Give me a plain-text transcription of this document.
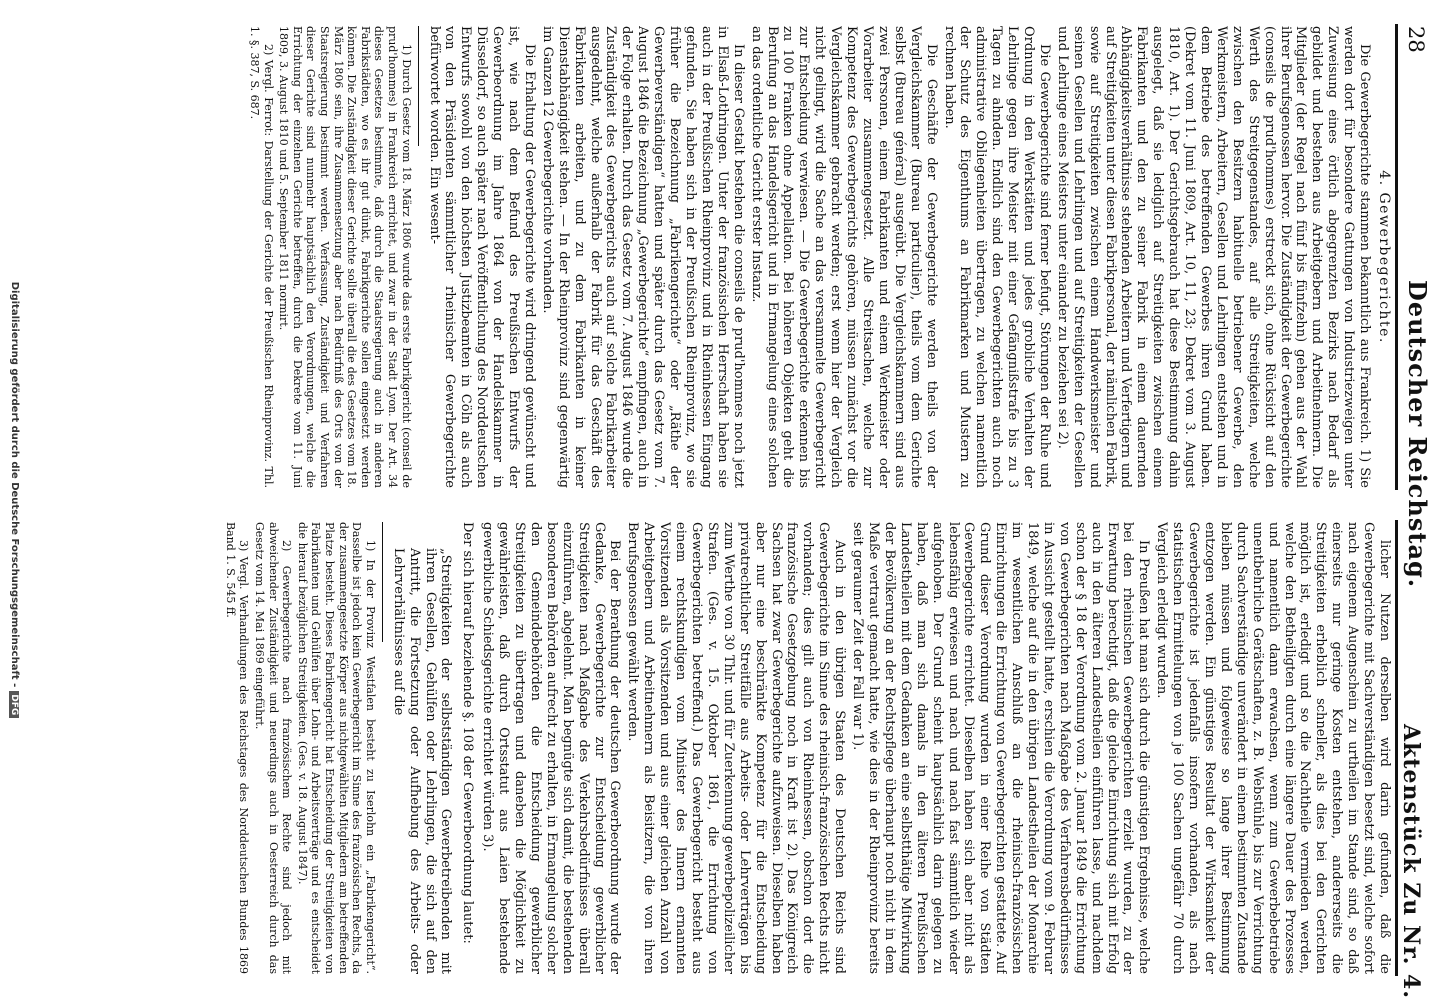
28
Deutscher Reichstag.
Aktenstück Zu Nr. 4.

4. Gewerbegerichte.

Die Gewerbegerichte stammen bekanntlich aus Frankreich. 1) Sie werden dort für besondere Gattungen von Industriezweigen unter Zuweisung eines örtlich abgegrenzten Bezirks nach Bedarf als gebildet und bestehen aus Arbeitgebern und Arbeitnehmern. Die Mitglieder (der Regel nach fünf bis fünfzehn) gehen aus der Wahl ihrer Berufsgenossen hervor. Die Zuständigkeit der Gewerbegerichte (conseils de prud'hommes) erstreckt sich, ohne Rücksicht auf den Werth des Streitgegenstandes, auf alle Streitigkeiten, welche zwischen den Besitzern habituelle betriebener Gewerbe, den Werkmeistern, Arbeitern, Gesellen und Lehrlingen entstehen und in dem Betriebe des betreffenden Gewerbes ihren Grund haben. (Dekret vom 11. Juni 1809, Art. 10, 11, 23; Dekret vom 3. August 1810, Art. 1). Der Gerichtsgebrauch hat diese Bestimmung dahin ausgelegt, daß sie lediglich auf Streitigkeiten zwischen einem Fabrikanten und den zu seiner Fabrik in einem dauernden Abhängigkeitsverhältnisse stehenden Arbeitern und Verfertigern und auf Streitigkeiten unter diesen Fabrikpersonal, der nämlichen Fabrik, sowie auf Streitigkeiten zwischen einem Handwerksmeister und seinen Gesellen und Lehrlingen und auf Streitigkeiten der Gesellen und Lehrlinge eines Meisters unter einander zu beziehen sei 2).

Die Gewerbegerichte sind ferner befugt, Störungen der Ruhe und Ordnung in den Werkstätten und jedes grobliche Verhalten der Lehrlinge gegen ihre Meister mit einer Gefängnißstrafe bis zu 3 Tagen zu ahnden. Endlich sind den Gewerbegerichten auch noch administrative Obliegenheiten übertragen, zu welchen namentlich der Schutz des Eigenthums an Fabrikmarken und Mustern zu rechnen haben.

Die Geschäfte der Gewerbegerichte werden theils von der Vergleichskammer (Bureau particulier), theils vom dem Gerichte selbst (Bureau général) ausgeübt. Die Vergleichskammern sind aus zwei Personen, einem Fabrikanten und einem Werkmeister oder Vorarbeiter zusammengesetzt. Alle Streitsachen, welche zur Kompetenz des Gewerbegerichts gehören, müssen zunächst vor die Vergleichskammer gebracht werden; erst wenn hier der Vergleich nicht gelingt, wird die Sache an das versammelte Gewerbegericht zur Entscheidung verwiesen. — Die Gewerbegerichte erkennen bis zu 100 Franken ohne Appellation. Bei höheren Objekten geht die Berufung an das Handelsgericht und in Ermangelung eines solchen an das ordentliche Gericht erster Instanz.

In dieser Gestalt bestehen die conseils de prud'hommes noch jetzt in Elsaß-Lothringen. Unter der französischen Herrschaft haben sie auch in der Preußischen Rheinprovinz und in Rheinhessen Eingang gefunden. Sie haben sich in der Preußischen Rheinprovinz, wo sie früher die Bezeichnung „Fabrikengerichte“ oder „Räthe der Gewerbeverständigen“ hatten und später durch das Gesetz vom 7. August 1846 die Bezeichnung „Gewerbegerichte“ empfingen, auch in der Folge erhalten. Durch das Gesetz vom 7. August 1846 wurde die Zuständigkeit des Gewerbegerichts auch auf solche Fabrikarbeiter ausgedehnt, welche außerhalb der Fabrik für das Geschäft des Fabrikanten arbeiten, und zu dem Fabrikanten in keiner Dienstabhängigkeit stehen. — In der Rheinprovinz sind gegenwärtig im Ganzen 12 Gewerbegerichte vorhanden.

Die Erhaltung der Gewerbegerichte wird dringend gewünscht und ist, wie nach dem Befund des Preußischen Entwurfs der Gewerbeordnung im Jahre 1864 von der Handelskammer in Düsseldorf, so auch später nach Veröffentlichung des Norddeutschen Entwurfs sowohl von den höchsten Justizbeamten in Cöln als auch von den Präsidenten sämmtlicher rheinischer Gewerbegerichte befürwortet worden. Ein wesent-

1) Durch Gesetz vom 18. März 1806 wurde das erste Fabrikgericht (conseil de prud'hommes) in Frankreich errichtet, und zwar in der Stadt Lyon. Der Art. 34 dieses Gesetzes bestimmte, daß durch die Staatsregierung auch in anderen Fabrikstädten, wo es ihr gut dünkt, Fabrikgerichte sollen eingesetzt werden können. Die Zuständigkeit dieser Gerichte sollte überall die des Gesetzes vom 18. März 1806 sein, ihre Zusammensetzung aber nach Bedürfniß des Orts von der Staatsregierung bestimmt werden. Verfassung, Zuständigkeit und Verfahren dieser Gerichte sind nunmehr hauptsächlich den Verordnungen, welche die Errichtung der einzelnen Gerichte betreffen, durch die Dekrete vom 11. Juni 1809, 3. August 1810 und 5. September 1811 normirt.

2) Vergl. Ferrot: Darstellung der Gerichte der Preußischen Rheinprovinz. Thl. 1. §. 387, S. 687.

licher Nutzen derselben wird darin gefunden, daß die Gewerbegerichte mit Sachverständigen besetzt sind, welche sofort nach eigenem Augenschein zu urtheilen im Stande sind, so daß einerseits nur geringe Kosten entstehen, andererseits die Streitigkeiten erheblich schneller, als dies bei den Gerichten möglich ist, erledigt und so die Nachtheile vermieden werden, welche den Betheiligten durch eine längere Dauer des Prozesses und namentlich dann erwachsen, wenn zum Gewerbebetriebe unentbehrliche Gerätschaften, z. B. Webstühle, bis zur Verrichtung durch Sachverständige unverändert in einem bestimmten Zustande bleiben müssen und folgeweise so lange ihrer Bestimmung entzogen werden. Ein günstiges Resultat der Wirksamkeit der Gewerbegerichte ist jedenfalls insofern vorhanden, als nach statistischen Ermittelungen von je 100 Sachen ungefähr 70 durch Vergleich erledigt wurden.

In Preußen hat man sich durch die günstigen Ergebnisse, welche bei den rheinischen Gewerbegerichten erzielt wurden, zu der Erwartung berechtigt, daß die gleiche Einrichtung sich mit Erfolg auch in den älteren Landestheilen einführen lasse, und nachdem schon der § 18 der Verordnung vom 2. Januar 1849 die Errichtung von Gewerbegerichten nach Maßgabe des Verfahrensbedürfnisses in Aussicht gestellt hatte, erschien die Verordnung vom 9. Februar 1849, welche auf die in den übrigen Landestheilen der Monarchie im wesentlichen Anschluß an die rheinisch-französischen Einrichtungen die Errichtung von Gewerbegerichten gestattete. Auf Grund dieser Verordnung wurden in einer Reihe von Städten Gewerbegerichte errichtet. Dieselben haben sich aber nicht als lebensfähig erwiesen und nach und nach fast sämmtlich wieder aufgehoben. Der Grund scheint hauptsächlich darin gelegen zu haben, daß man sich damals in den älteren Preußischen Landestheilen mit dem Gedanken an eine selbstthätige Mitwirkung der Bevölkerung an der Rechtspflege überhaupt noch nicht in dem Maße vertraut gemacht hatte, wie dies in der Rheinprovinz bereits seit geraumer Zeit der Fall war 1).

Auch in den übrigen Staaten des Deutschen Reichs sind Gewerbegerichte im Sinne des rheinisch-französischen Rechts nicht vorhanden; dies gilt auch von Rheinhessen, obschon dort die französische Gesetzgebung noch in Kraft ist 2). Das Königreich Sachsen hat zwar Gewerbegerichte aufzuweisen. Dieselben haben aber nur eine beschränkte Kompetenz für die Entscheidung privatrechtlicher Streitfälle aus Arbeits- oder Lehrverträgen bis zum Werthe von 30 Thlr. und für Zuerkennung gewerbepolizeilicher Strafen. (Ges. v. 15. Oktober 1861, die Errichtung von Gewerbegerichten betreffend.) Das Gewerbegericht besteht aus einem rechtskundigen vom Minister des Innern ernannten Vorsitzenden als Vorsitzenden und aus einer gleichen Anzahl von Arbeitgebern und Arbeitnehmern als Beisitzern, die von ihren Berufsgenossen gewählt werden.

Bei der Berathung der deutschen Gewerbeordnung wurde der Gedanke, Gewerbegerichte zur Entscheidung gewerblicher Streitigkeiten nach Maßgabe des Verkehrsbedürfnisses überall einzuführen, abgelehnt. Man begnügte sich damit, die bestehenden besonderen Behörden aufrecht zu erhalten, in Ermangelung solcher den Gemeindebehörden die Entscheidung gewerblicher Streitigkeiten zu übertragen und daneben die Möglichkeit zu gewährleisten, daß durch Ortsstatut aus Laien bestehende gewerbliche Schiedsgerichte errichtet würden 3).

Der sich hierauf beziehende §. 108 der Gewerbeordnung lautet:

„Streitigkeiten der selbstständigen Gewerbetreibenden mit ihren Gesellen, Gehülfen oder Lehrlingen, die sich auf den Antritt, die Fortsetzung oder Aufhebung des Arbeits- oder Lehrverhältnisses auf die

1) In der Provinz Westfalen besteht zu Iserlohn ein „Fabrikengericht“. Dasselbe ist jedoch kein Gewerbegericht im Sinne des französischen Rechts, da der zusammengesetzte Körper aus nichtgewählten Mitgliedern am betreffenden Platze besteht. Dieses Fabrikengericht hat Entscheidung der Streitigkeiten von Fabrikanten und Gehülfen über Lohn- und Arbeitsverträge und es entscheidet die hierauf bezüglichen Streitigkeiten. (Ges. v. 18. August 1847).

2) Gewerbegerichte nach französischem Rechte sind jedoch mit abweichender Zuständigkeit und neuerdings auch in Oesterreich durch das Gesetz vom 14. Mai 1869 eingeführt.

3) Vergl. Verhandlungen des Reichstages des Norddeutschen Bundes 1869 Band 1. S. 545 ff.

Digitalisierung gefördert durch die Deutsche Forschungsgemeinschaft -DFG
